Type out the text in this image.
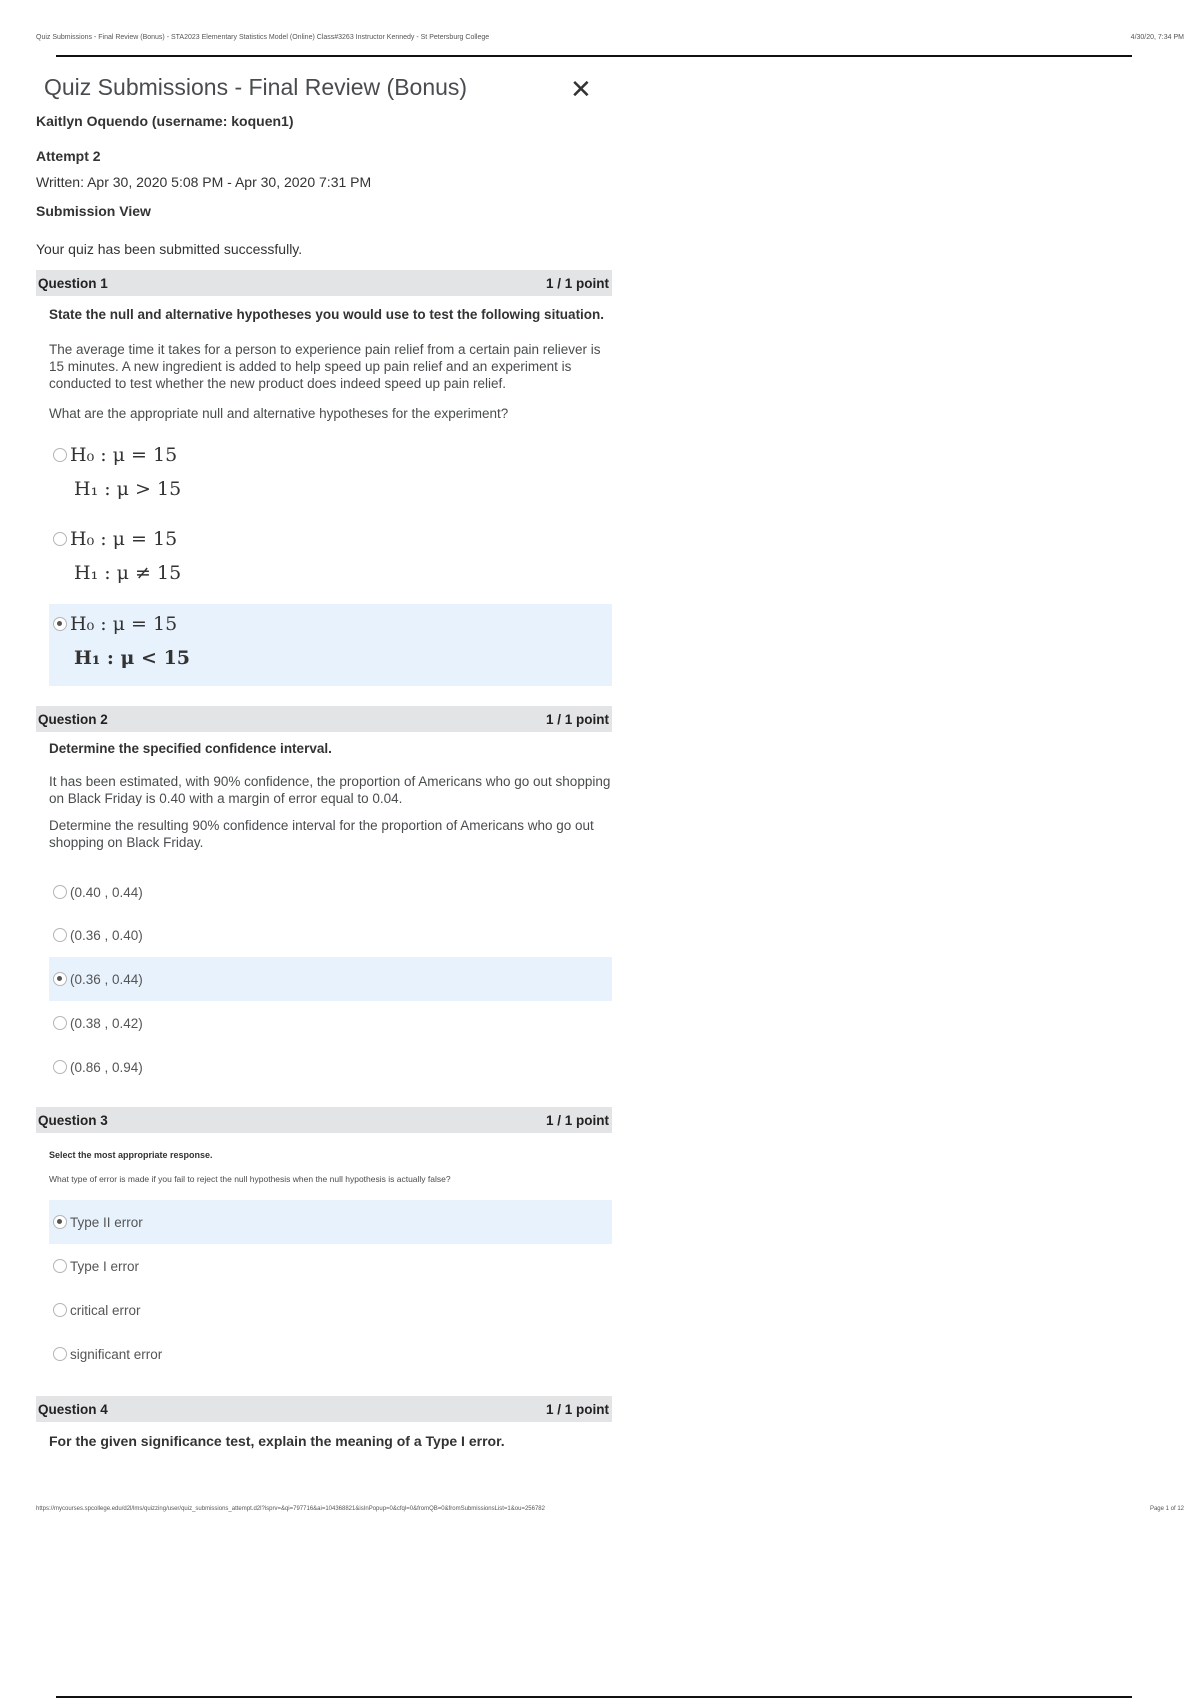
Quiz Submissions - Final Review (Bonus) - STA2023 Elementary Statistics Model (Online) Class#3263 Instructor Kennedy - St Petersburg College	4/30/20, 7:34 PM
Quiz Submissions - Final Review (Bonus)	✕
Kaitlyn Oquendo (username: koquen1)
Attempt 2
Written: Apr 30, 2020 5:08 PM - Apr 30, 2020 7:31 PM
Submission View
Your quiz has been submitted successfully.
Question 1	1 / 1 point
State the null and alternative hypotheses you would use to test the following situation.
The average time it takes for a person to experience pain relief from a certain pain reliever is 15 minutes. A new ingredient is added to help speed up pain relief and an experiment is conducted to test whether the new product does indeed speed up pain relief.
What are the appropriate null and alternative hypotheses for the experiment?
H₀ : μ = 15
H₁ : μ > 15
H₀ : μ = 15
H₁ : μ ≠ 15
H₀ : μ = 15
H₁ : μ < 15
Question 2	1 / 1 point
Determine the specified confidence interval.
It has been estimated, with 90% confidence, the proportion of Americans who go out shopping on Black Friday is 0.40 with a margin of error equal to 0.04.
Determine the resulting 90% confidence interval for the proportion of Americans who go out shopping on Black Friday.
(0.40 , 0.44)
(0.36 , 0.40)
(0.36 , 0.44)
(0.38 , 0.42)
(0.86 , 0.94)
Question 3	1 / 1 point
Select the most appropriate response.
What type of error is made if you fail to reject the null hypothesis when the null hypothesis is actually false?
Type II error
Type I error
critical error
significant error
Question 4	1 / 1 point
For the given significance test, explain the meaning of a Type I error.
https://mycourses.spcollege.edu/d2l/lms/quizzing/user/quiz_submissions_attempt.d2l?isprv=&qi=797716&ai=104368821&isInPopup=0&cfql=0&fromQB=0&fromSubmissionsList=1&ou=256782	Page 1 of 12
